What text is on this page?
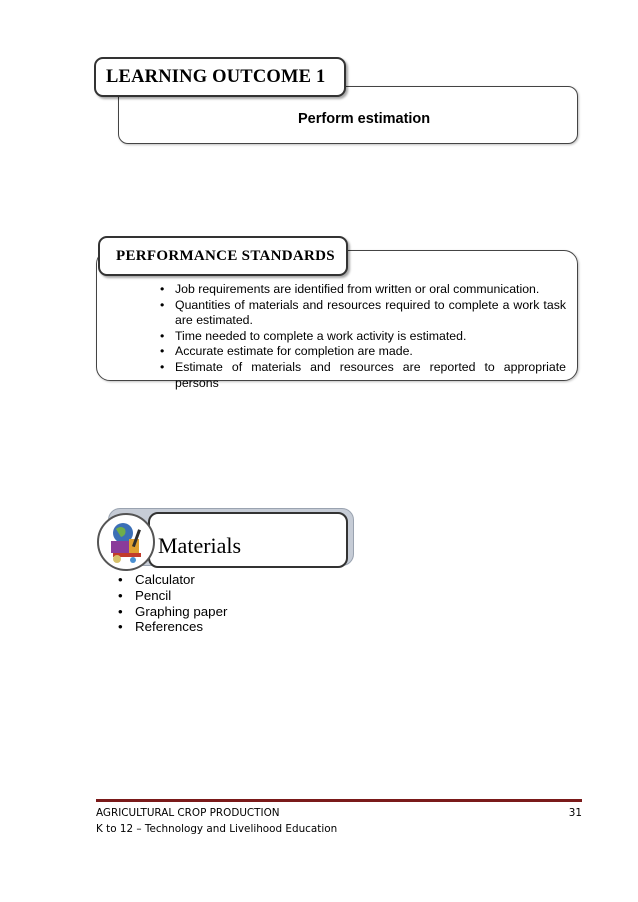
LEARNING OUTCOME 1
Perform estimation
PERFORMANCE STANDARDS
• Job requirements are identified from written or oral communication.
• Quantities of materials and resources required to complete a work task are estimated.
• Time needed to complete a work activity is estimated.
• Accurate estimate for completion are made.
• Estimate of materials and resources are reported to appropriate persons
Materials
• Calculator
• Pencil
• Graphing paper
• References
AGRICULTURAL CROP PRODUCTION	31
K to 12 – Technology and Livelihood Education
